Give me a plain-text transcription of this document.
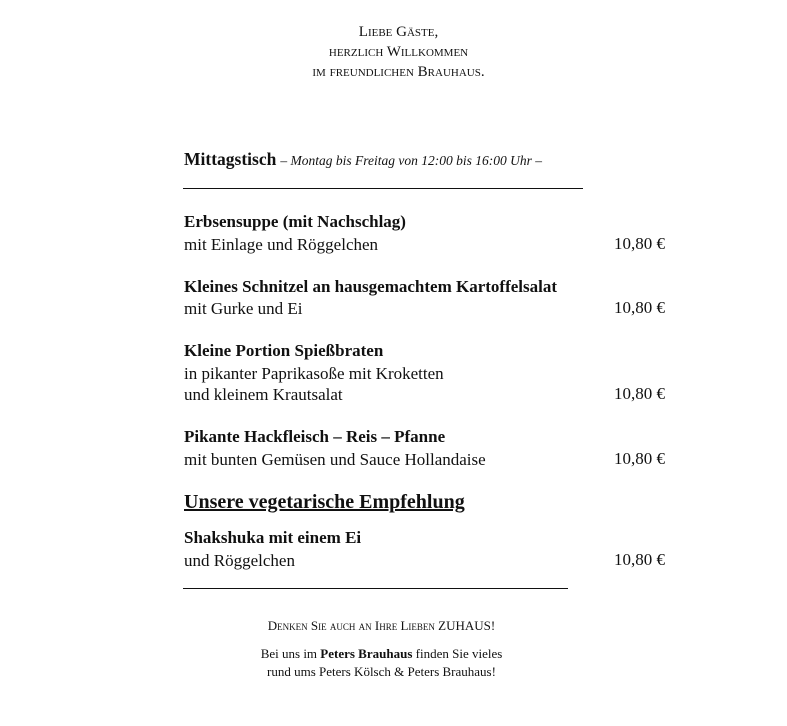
Liebe Gäste,
herzlich Willkommen
im freundlichen Brauhaus.
Mittagstisch – Montag bis Freitag von 12:00 bis 16:00 Uhr –
Erbsensuppe (mit Nachschlag)
mit Einlage und Röggelchen	10,80 €
Kleines Schnitzel an hausgemachtem Kartoffelsalat
mit Gurke und Ei	10,80 €
Kleine Portion Spießbraten
in pikanter Paprikasoße mit Kroketten
und kleinem Krautsalat	10,80 €
Pikante Hackfleisch – Reis – Pfanne
mit bunten Gemüsen und Sauce Hollandaise	10,80 €
Unsere vegetarische Empfehlung
Shakshuka mit einem Ei
und Röggelchen	10,80 €
Denken Sie auch an Ihre Lieben ZUHAUS!
Bei uns im Peters Brauhaus finden Sie vieles
rund ums Peters Kölsch & Peters Brauhaus!
